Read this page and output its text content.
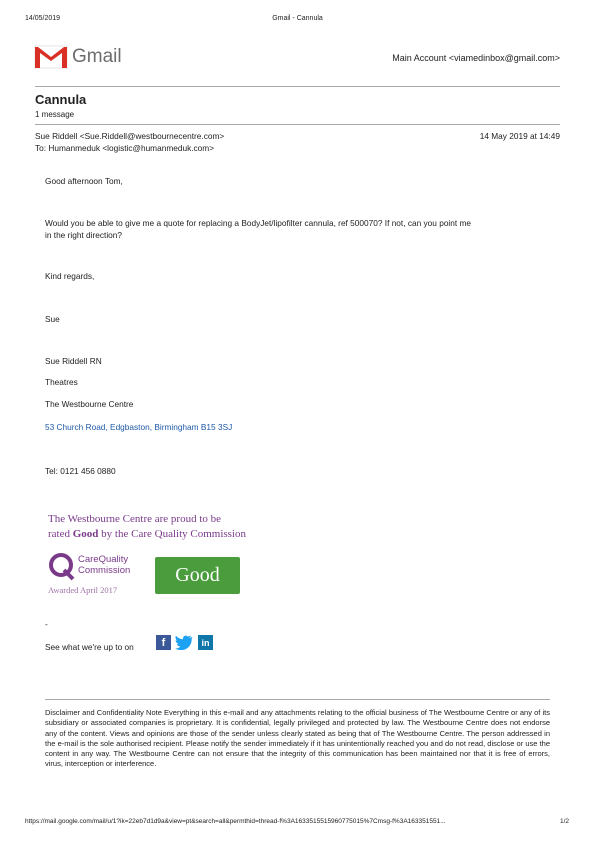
14/05/2019	Gmail - Cannula
Gmail	Main Account <viamedinbox@gmail.com>
Cannula
1 message
Sue Riddell <Sue.Riddell@westbournecentre.com>	14 May 2019 at 14:49
To: Humanmeduk <logistic@humanmeduk.com>
Good afternoon Tom,
Would you be able to give me a quote for replacing a BodyJet/lipofilter cannula, ref 500070? If not, can you point me
in the right direction?
Kind regards,
Sue
Sue Riddell RN
Theatres
The Westbourne Centre
53 Church Road, Edgbaston, Birmingham B15 3SJ
Tel: 0121 456 0880
The Westbourne Centre are proud to be
rated Good by the Care Quality Commission
CareQuality
Commission
Awarded April 2017
Good
-
See what we're up to on	f	in
Disclaimer and Confidentiality Note Everything in this e-mail and any attachments relating to the official business of The Westbourne Centre or any of its subsidiary or associated companies is proprietary. It is confidential, legally privileged and protected by law. The Westbourne Centre does not endorse any of the content. Views and opinions are those of the sender unless clearly stated as being that of The Westbourne Centre. The person addressed in the e-mail is the sole authorised recipient. Please notify the sender immediately if it has unintentionally reached you and do not read, disclose or use the content in any way. The Westbourne Centre can not ensure that the integrity of this communication has been maintained nor that it is free of errors, virus, interception or interference.
https://mail.google.com/mail/u/1?ik=22eb7d1d9a&view=pt&search=all&permthid=thread-f%3A1633515515960775015%7Cmsg-f%3A163351551...	1/2
